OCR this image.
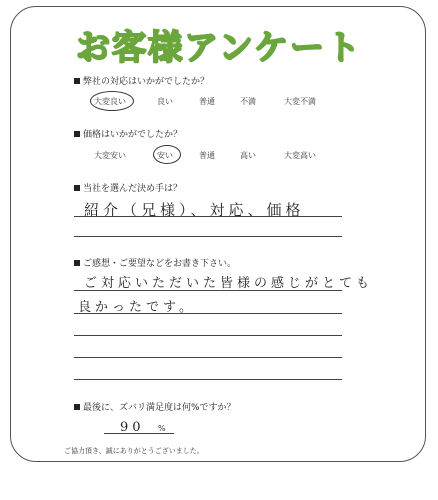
お客様アンケート
弊社の対応はいかがでしたか？
大変良い	良い	普通	不満	大変不満
価格はいかがでしたか？
大変安い	安い	普通	高い	大変高い
当社を選んだ決め手は？
紹介（兄様）、対応、価格
ご感想・ご要望などをお書き下さい。
ご対応いただいた皆様の感じがとても
良かったです。
最後に、ズバリ満足度は何%ですか？
90 %
ご協力頂き、誠にありがとうございました。
